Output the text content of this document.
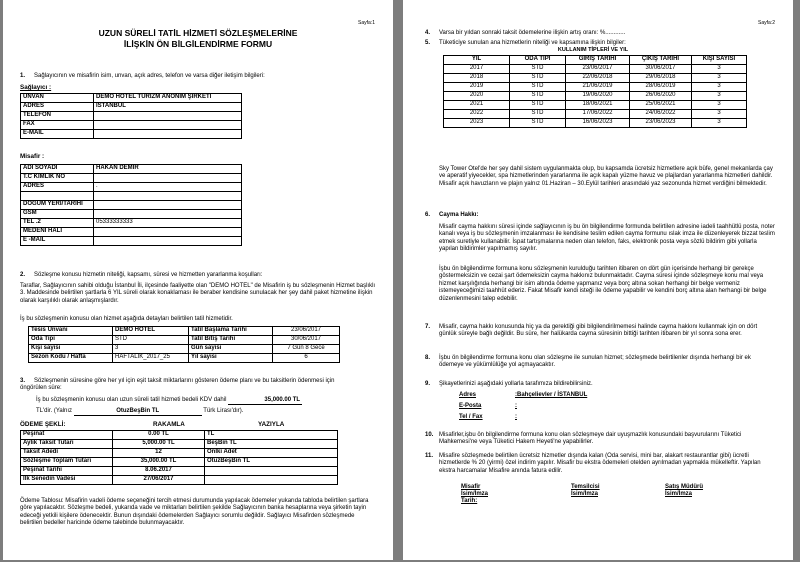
Sayfa:1
UZUN SÜRELİ TATİL HİZMETİ SÖZLEŞMELERİNE
İLİŞKİN ÖN BİLGİLENDİRME FORMU
1. Sağlayıcının ve misafirin isim, unvan, açık adres, telefon ve varsa diğer iletişim bilgileri:
Sağlayıcı :
UNVAN	DEMO HOTEL TURİZM ANONİM ŞİRKETİ
ADRES	İSTANBUL
TELEFON	
FAX	
E-MAIL	
Misafir :
ADI SOYADI	HAKAN DEMİR
T.C KİMLİK NO	
ADRES	.

DOĞUM YERİ/TARİHİ	
GSM	
TEL .2	05333333333
MEDENİ HALİ	
E -MAİL	
2. Sözleşme konusu hizmetin niteliği, kapsamı, süresi ve hizmetten yararlanma koşulları:
Taraflar, Sağlayıcının sahibi olduğu İstanbul İli, ilçesinde faaliyette olan "DEMO HOTEL" de Misafirin iş bu sözleşmenin Hizmet başlıklı 3. Maddesinde belirtilen şartlarla 6 YIL süreli olarak konaklaması ile beraber kendisine sunulacak her şey dahil paket hizmetine ilişkin olarak karşılıklı olarak anlaşmışlardır.
İş bu sözleşmenin konusu olan hizmet aşağıda detayları belirtilen tatil hizmetidir.
Tesis Ünvanı	DEMO HOTEL	Tatil Başlama Tarihi	23/06/2017
Oda Tipi	STD	Tatil Bitiş Tarihi	30/06/2017
Kişi sayısı	3	Gün sayısı	7 Gün 8 Gece
Sezon Kodu / Hafta	HAFTALIK_2017_25	Yıl sayısı	6
3. Sözleşmenin süresine göre her yıl için eşit taksit miktarlarını gösteren ödeme planı ve bu taksitlerin ödenmesi için öngörülen süre:
İş bu sözleşmenin konusu olan uzun süreli tatil hizmeti bedeli KDV dahil	35,000.00 TL
TL'dir. (Yalnız	OtuzBeşBin TL	Türk Lirası'dır).
ÖDEME ŞEKLİ:	RAKAMLA	YAZIYLA
Peşinat	0.00 TL	TL
Aylık Taksit Tutarı	5,000.00 TL	BeşBin TL
Taksit Adedi	12	Onİki Adet
Sözleşme Toplam Tutarı	35,000.00 TL	OtuzBeşBin TL
Peşinat Tarihi	8.06.2017	
İlk Senedin Vadesi	27/06/2017	
Ödeme Tablosu: Misafirin vadeli ödeme seçeneğini tercih etmesi durumunda yapılacak ödemeler yukarıda tabloda belirtilen şartlara göre yapılacaktır. Sözleşme bedeli, yukarıda vade ve miktarları belirtilen şekilde Sağlayıcının banka hesaplarına veya şirketin tayin edeceği yetkili kişilere ödenecektir. Bunun dışındaki ödemelerden Sağlayıcı sorumlu değildir. Sağlayıcı Misafirden sözleşmede belirtilen bedeller haricinde ödeme talebinde bulunmayacaktır.
Sayfa:2
4. Varsa bir yıldan sonraki taksit ödemelerine ilişkin artış oranı: %............
5. Tüketiciye sunulan ana hizmetlerin niteliği ve kapsamına ilişkin bilgiler:
KULLANIM TİPLERİ VE YIL
YIL	ODA TİPİ	GİRİŞ TARİHİ	ÇIKIŞ TARİHİ	KİŞİ SAYISI
2017	STD	23/06/2017	30/06/2017	3
2018	STD	22/06/2018	29/06/2018	3
2019	STD	21/06/2019	28/06/2019	3
2020	STD	19/06/2020	26/06/2020	3
2021	STD	18/06/2021	25/06/2021	3
2022	STD	17/06/2022	24/06/2022	3
2023	STD	16/06/2023	23/06/2023	3
Sky Tower Otel'de her şey dahil sistem uygulanmakta olup, bu kapsamda ücretsiz hizmetlere açık büfe, genel mekanlarda çay ve aperatif yiyecekler, spa hizmetlerinden yararlanma ile açık kapalı yüzme havuz ve plajlardan yararlanma hizmetleri dahildir. Misafir açık havuzların ve plajın yalnız 01.Haziran – 30.Eylül tarihleri arasındaki yaz sezonunda hizmet verdiğini bilmektedir.
6. Cayma Hakkı:
Misafir cayma hakkını süresi içinde sağlayıcının iş bu ön bilgilendirme formunda belirtilen adresine iadeli taahhütlü posta, noter kanalı veya iş bu sözleşmenin imzalanması ile kendisine teslim edilen cayma formunu ıslak imza ile düzenleyerek bizzat teslim etmek suretiyle kullanabilir. İspat tartışmalarına neden olan telefon, faks, elektronik posta veya sözlü bildirim gibi yollarla yapılan bildirimler yapılmamış sayılır.
İşbu ön bilgilendirme formuna konu sözleşmenin kurulduğu tarihten itibaren on dört gün içerisinde herhangi bir gerekçe göstermeksizin ve cezai şart ödemeksizin cayma hakkınız bulunmaktadır. Cayma süresi içinde sözleşmeye konu mal veya hizmet karşılığında herhangi bir isim altında ödeme yapmanız veya borç altına sokan herhangi bir belge vermeniz istemeyeceğimizi taahhüt ederiz. Fakat Misafir kendi isteği ile ödeme yapabilir ve kendini borç altına alan herhangi bir belge düzenlenmesini talep edebilir.
7. Misafir, cayma hakkı konusunda hiç ya da gerektiği gibi bilgilendirilmemesi halinde cayma hakkını kullanmak için on dört günlük süreyle bağlı değildir. Bu süre, her halükarda cayma süresinin bittiği tarihten itibaren bir yıl sonra sona erer.
8. İşbu ön bilgilendirme formuna konu olan sözleşme ile sunulan hizmet; sözleşmede belirtilenler dışında herhangi bir ek ödemeye ve yükümlülüğe yol açmayacaktır.
9. Şikayetlerinizi aşağıdaki yollarla tarafımıza bildirebilirsiniz.
Adres	:Bahçelievler / İSTANBUL
E-Posta	:
Tel / Fax	:
10. Misafirler,işbu ön bilgilendirme formuna konu olan sözleşmeye dair uyuşmazlık konusundaki başvurularını Tüketici Mahkemesi'ne veya Tüketici Hakem Heyeti'ne yapabilirler.
11. Misafire sözleşmede belirtilen ücretsiz hizmetler dışında kalan (Oda servisi, mini bar, alakart restaurantlar gibi) ücretli hizmetlerde % 20 (yirmi) özel indirim yapılır. Misafir bu ekstra ödemeleri otelden ayrılmadan yapmakla mükelleftir. Yapılan ekstra harcamalar Misafire anında fatura edilir.
Misafir
İsim/İmza
Tarih:
Temsilcisi
İsim/İmza
Satış Müdürü
İsim/İmza
